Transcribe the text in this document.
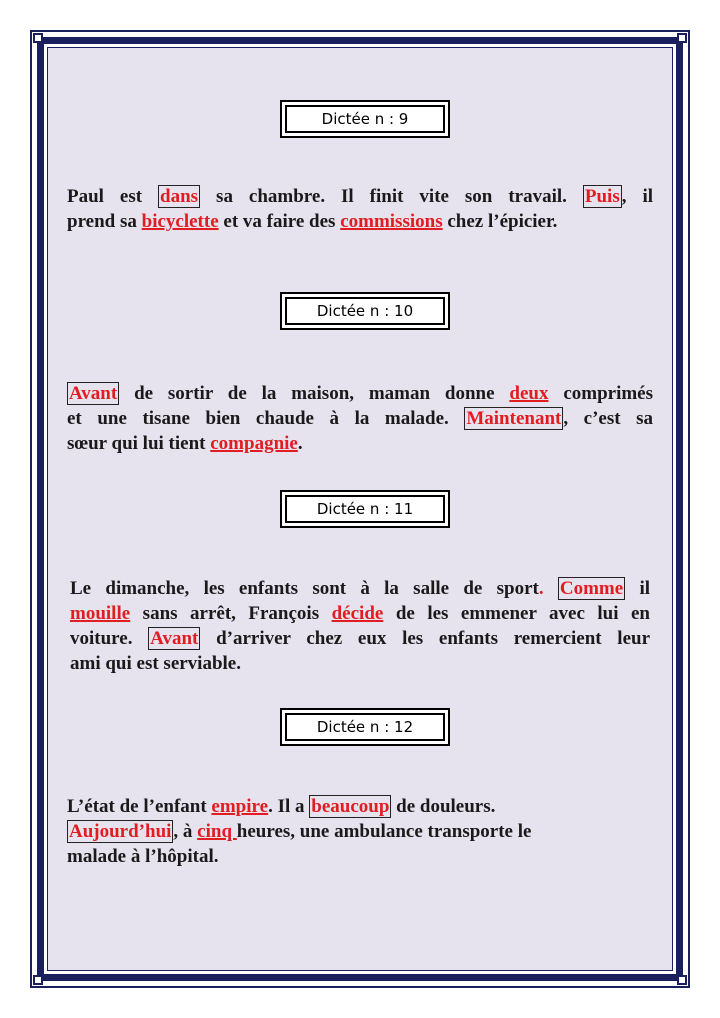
Dictée n : 9
Paul est dans sa chambre. Il finit vite son travail. Puis , il
prend sa bicyclette et va faire des commissions chez l’épicier.
Dictée n : 10
Avant de sortir de la maison, maman donne deux comprimés
et une tisane bien chaude à la malade. Maintenant , c’est sa
sœur qui lui tient compagnie.
Dictée n : 11
Le dimanche, les enfants sont à la salle de sport. Comme il
mouille sans arrêt, François décide de les emmener avec lui en
voiture. Avant d’arriver chez eux les enfants remercient leur
ami qui est serviable.
Dictée n : 12
L’état de l’enfant empire. Il a beaucoup de douleurs.
Aujourd’hui , à cinq heures, une ambulance transporte le
malade à l’hôpital.
